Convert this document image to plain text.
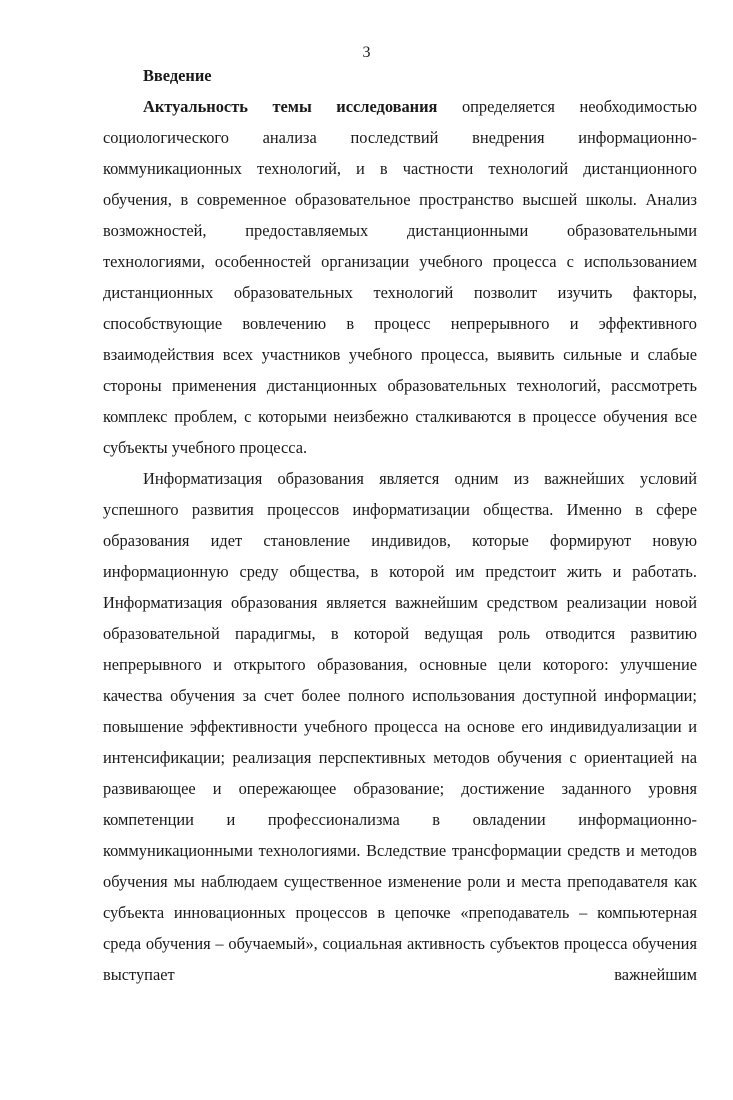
3

Введение

Актуальность темы исследования определяется необходимостью социологического анализа последствий внедрения информационно-коммуникационных технологий, и в частности технологий дистанционного обучения, в современное образовательное пространство высшей школы. Анализ возможностей, предоставляемых дистанционными образовательными технологиями, особенностей организации учебного процесса с использованием дистанционных образовательных технологий позволит изучить факторы, способствующие вовлечению в процесс непрерывного и эффективного взаимодействия всех участников учебного процесса, выявить сильные и слабые стороны применения дистанционных образовательных технологий, рассмотреть комплекс проблем, с которыми неизбежно сталкиваются в процессе обучения все субъекты учебного процесса.

Информатизация образования является одним из важнейших условий успешного развития процессов информатизации общества. Именно в сфере образования идет становление индивидов, которые формируют новую информационную среду общества, в которой им предстоит жить и работать. Информатизация образования является важнейшим средством реализации новой образовательной парадигмы, в которой ведущая роль отводится развитию непрерывного и открытого образования, основные цели которого: улучшение качества обучения за счет более полного использования доступной информации; повышение эффективности учебного процесса на основе его индивидуализации и интенсификации; реализация перспективных методов обучения с ориентацией на развивающее и опережающее образование; достижение заданного уровня компетенции и профессионализма в овладении информационно-коммуникационными технологиями. Вследствие трансформации средств и методов обучения мы наблюдаем существенное изменение роли и места преподавателя как субъекта инновационных процессов в цепочке «преподаватель – компьютерная среда обучения – обучаемый», социальная активность субъектов процесса обучения выступает важнейшим
